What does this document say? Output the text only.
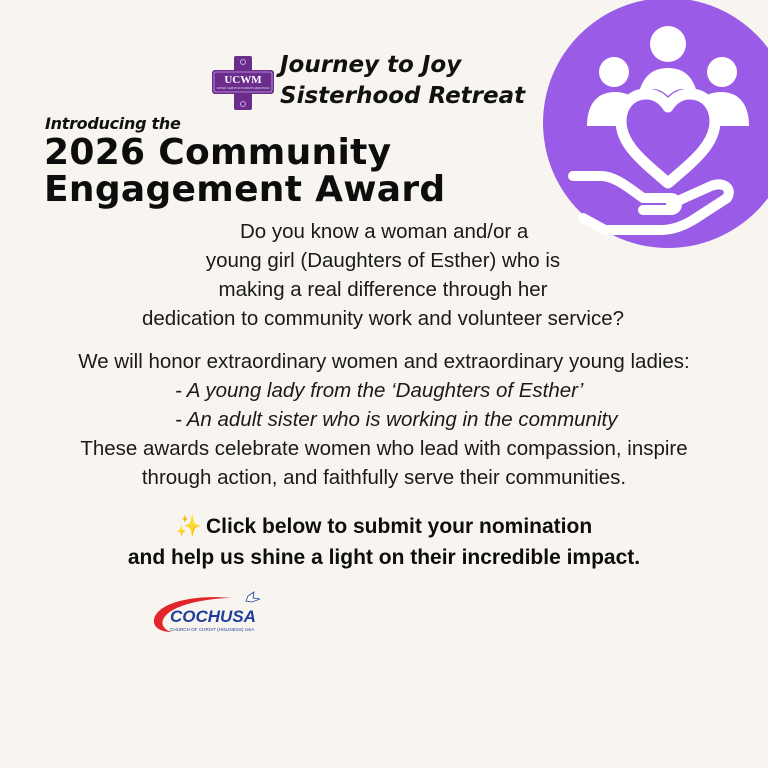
UCWM
UNITED CHRISTIAN WOMEN'S MINISTRIES
Journey to Joy
Sisterhood Retreat

Introducing the

2026 Community
Engagement Award

Do you know a woman and/or a
young girl (Daughters of Esther) who is
making a real difference through her
dedication to community work and volunteer service?

We will honor extraordinary women and extraordinary young ladies:
- A young lady from the ‘Daughters of Esther’
- An adult sister who is working in the community
These awards celebrate women who lead with compassion, inspire
through action, and faithfully serve their communities.
✨ Click below to submit your nomination
and help us shine a light on their incredible impact.
COCHUSA
CHURCH OF CHRIST (HOLINESS) USA
